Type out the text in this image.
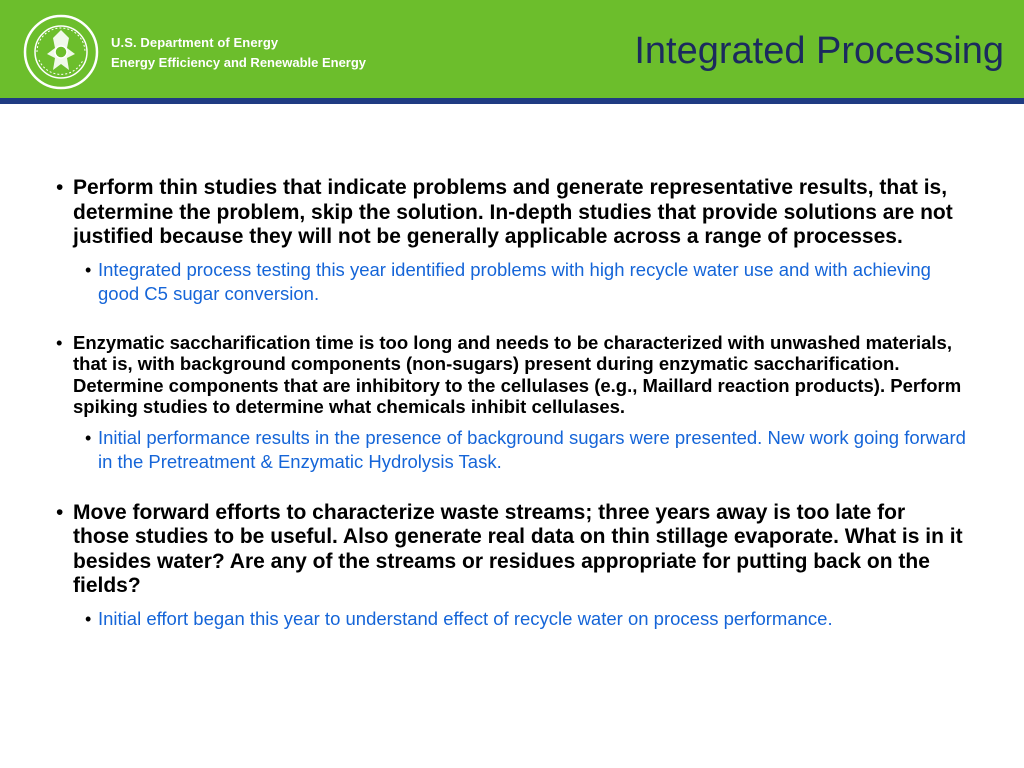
U.S. Department of Energy
Energy Efficiency and Renewable Energy	Integrated Processing
• Perform thin studies that indicate problems and generate representative results, that is, determine the problem, skip the solution. In-depth studies that provide solutions are not justified because they will not be generally applicable across a range of processes.
• Integrated process testing this year identified problems with high recycle water use and with achieving good C5 sugar conversion.
• Enzymatic saccharification time is too long and needs to be characterized with unwashed materials, that is, with background components (non-sugars) present during enzymatic saccharification. Determine components that are inhibitory to the cellulases (e.g., Maillard reaction products). Perform spiking studies to determine what chemicals inhibit cellulases.
• Initial performance results in the presence of background sugars were presented. New work going forward in the Pretreatment & Enzymatic Hydrolysis Task.
• Move forward efforts to characterize waste streams; three years away is too late for those studies to be useful. Also generate real data on thin stillage evaporate. What is in it besides water? Are any of the streams or residues appropriate for putting back on the fields?
• Initial effort began this year to understand effect of recycle water on process performance.
